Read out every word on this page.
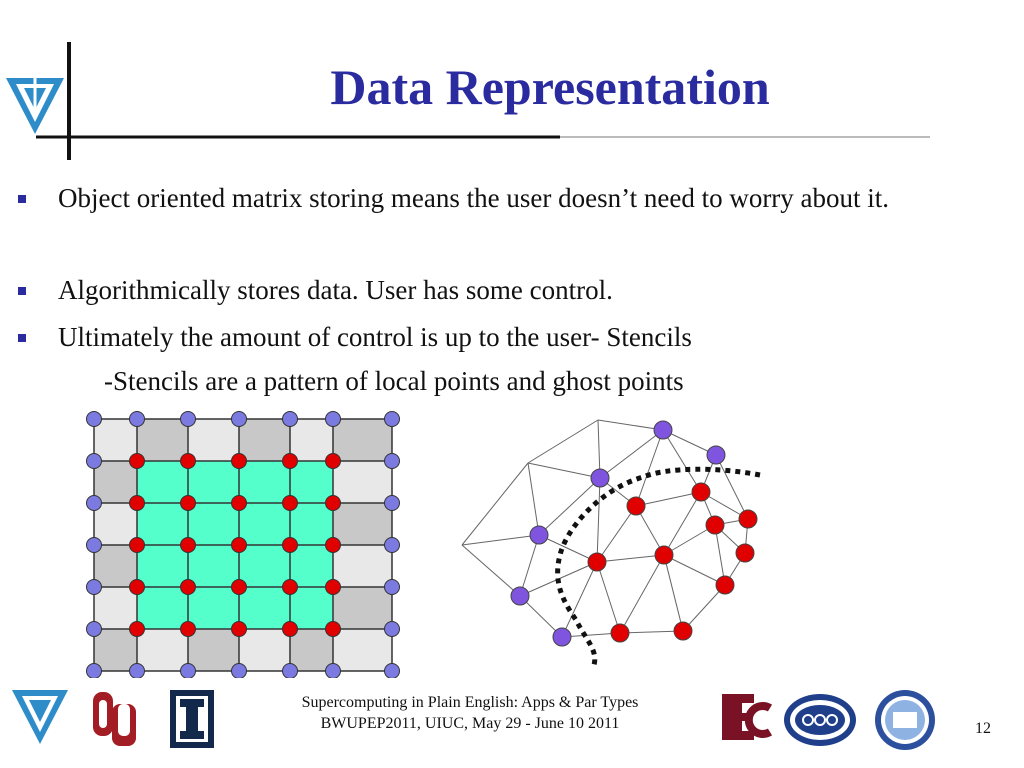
Data Representation
Object oriented matrix storing means the user doesn’t need to worry about it.
Algorithmically stores data. User has some control.
Ultimately the amount of control is up to the user- Stencils
-Stencils are a pattern of local points and ghost points
Supercomputing in Plain English: Apps & Par Types
BWUPEP2011, UIUC, May 29 - June 10 2011	12
